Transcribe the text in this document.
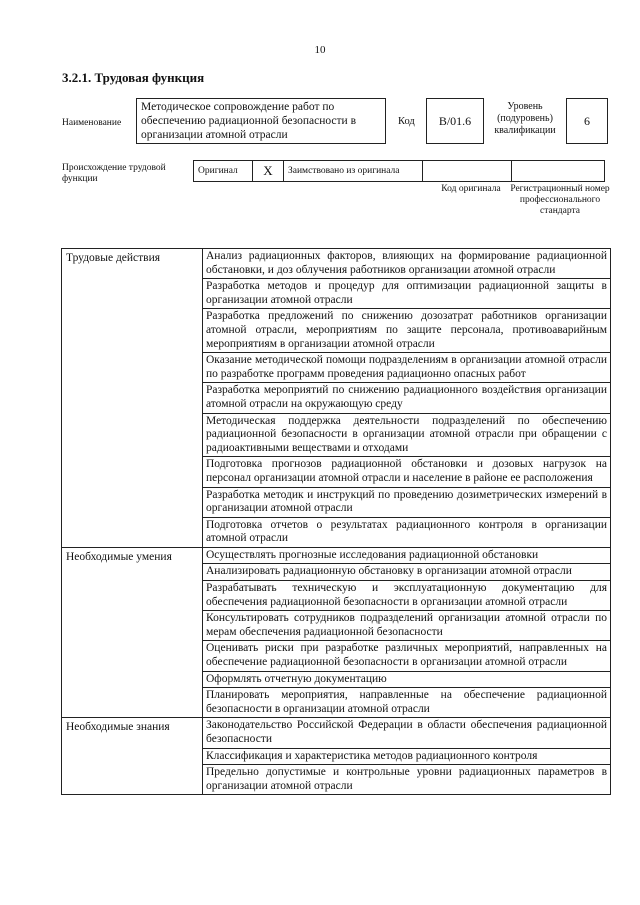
10
3.2.1. Трудовая функция
Наименование
Методическое сопровождение работ по обеспечению радиационной безопасности в организации атомной отрасли
Код	В/01.6
Уровень (подуровень) квалификации
6
Происхождение трудовой функции
Оригинал	X	Заимствовано из оригинала
Код оригинала	Регистрационный номер профессионального стандарта
Трудовые действия	Анализ радиационных факторов, влияющих на формирование радиационной обстановки, и доз облучения работников организации атомной отрасли
	Разработка методов и процедур для оптимизации радиационной защиты в организации атомной отрасли
	Разработка предложений по снижению дозозатрат работников организации атомной отрасли, мероприятиям по защите персонала, противоаварийным мероприятиям в организации атомной отрасли
	Оказание методической помощи подразделениям в организации атомной отрасли по разработке программ проведения радиационно опасных работ
	Разработка мероприятий по снижению радиационного воздействия организации атомной отрасли на окружающую среду
	Методическая поддержка деятельности подразделений по обеспечению радиационной безопасности в организации атомной отрасли при обращении с радиоактивными веществами и отходами
	Подготовка прогнозов радиационной обстановки и дозовых нагрузок на персонал организации атомной отрасли и население в районе ее расположения
	Разработка методик и инструкций по проведению дозиметрических измерений в организации атомной отрасли
	Подготовка отчетов о результатах радиационного контроля в организации атомной отрасли
Необходимые умения	Осуществлять прогнозные исследования радиационной обстановки
	Анализировать радиационную обстановку в организации атомной отрасли
	Разрабатывать техническую и эксплуатационную документацию для обеспечения радиационной безопасности в организации атомной отрасли
	Консультировать сотрудников подразделений организации атомной отрасли по мерам обеспечения радиационной безопасности
	Оценивать риски при разработке различных мероприятий, направленных на обеспечение радиационной безопасности в организации атомной отрасли
	Оформлять отчетную документацию
	Планировать мероприятия, направленные на обеспечение радиационной безопасности в организации атомной отрасли
Необходимые знания	Законодательство Российской Федерации в области обеспечения радиационной безопасности
	Классификация и характеристика методов радиационного контроля
	Предельно допустимые и контрольные уровни радиационных параметров в организации атомной отрасли
